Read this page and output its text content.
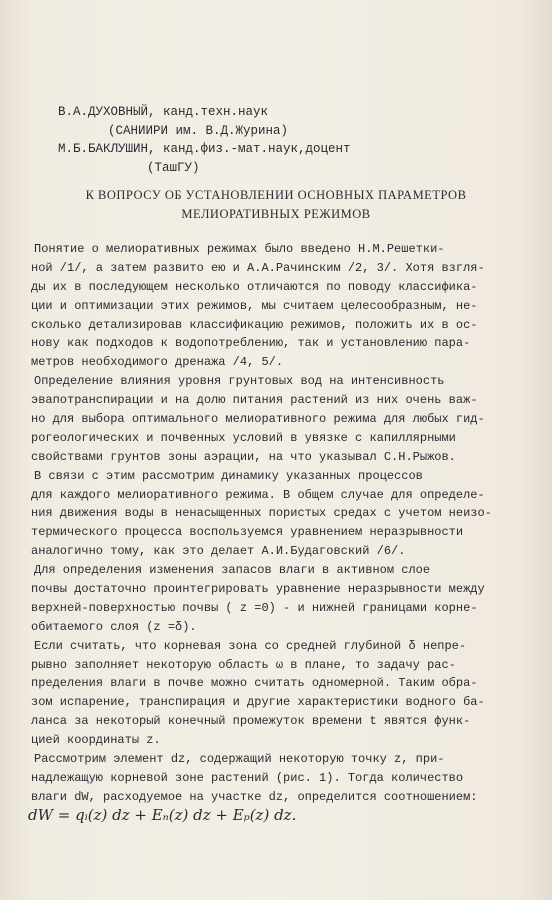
В.А.ДУХОВНЫЙ, канд.техн.наук
(САНИИРИ им. В.Д.Журина)
М.Б.БАКЛУШИН, канд.физ.-мат.наук,доцент
(ТашГУ)
К ВОПРОСУ ОБ УСТАНОВЛЕНИИ ОСНОВНЫХ ПАРАМЕТРОВ
МЕЛИОРАТИВНЫХ РЕЖИМОВ
Понятие о мелиоративных режимах было введено Н.М.Решетки-
ной /1/, а затем развито ею и А.А.Рачинским /2, 3/. Хотя взгля-
ды их в последующем несколько отличаются по поводу классифика-
ции и оптимизации этих режимов, мы считаем целесообразным, не-
сколько детализировав классификацию режимов, положить их в ос-
нову как подходов к водопотреблению, так и установлению пара-
метров необходимого дренажа /4, 5/.
Определение влияния уровня грунтовых вод на интенсивность
эвапотранспирации и на долю питания растений из них очень важ-
но для выбора оптимального мелиоративного режима для любых гид-
рогеологических и почвенных условий в увязке с капиллярными
свойствами грунтов зоны аэрации, на что указывал С.Н.Рыжов.
В связи с этим рассмотрим динамику указанных процессов
для каждого мелиоративного режима. В общем случае для определе-
ния движения воды в ненасыщенных пористых средах с учетом неизо-
термического процесса воспользуемся уравнением неразрывности
аналогично тому, как это делает А.И.Будаговский /6/.
Для определения изменения запасов влаги в активном слое
почвы достаточно проинтегрировать уравнение неразрывности между
верхней-поверхностью почвы ( z =0) - и нижней границами корне-
обитаемого слоя (z =δ).
Если считать, что корневая зона со средней глубиной δ непре-
рывно заполняет некоторую область ω в плане, то задачу рас-
пределения влаги в почве можно считать одномерной. Таким обра-
зом испарение, транспирация и другие характеристики водного ба-
ланса за некоторый конечный промежуток времени t явятся функ-
цией координаты z.
Рассмотрим элемент dz, содержащий некоторую точку z, при-
надлежащую корневой зоне растений (рис. 1). Тогда количество
влаги dW, расходуемое на участке dz, определится соотношением:
dW = qᵢ(z) dz + Eₙ(z) dz + Eₚ(z) dz.
